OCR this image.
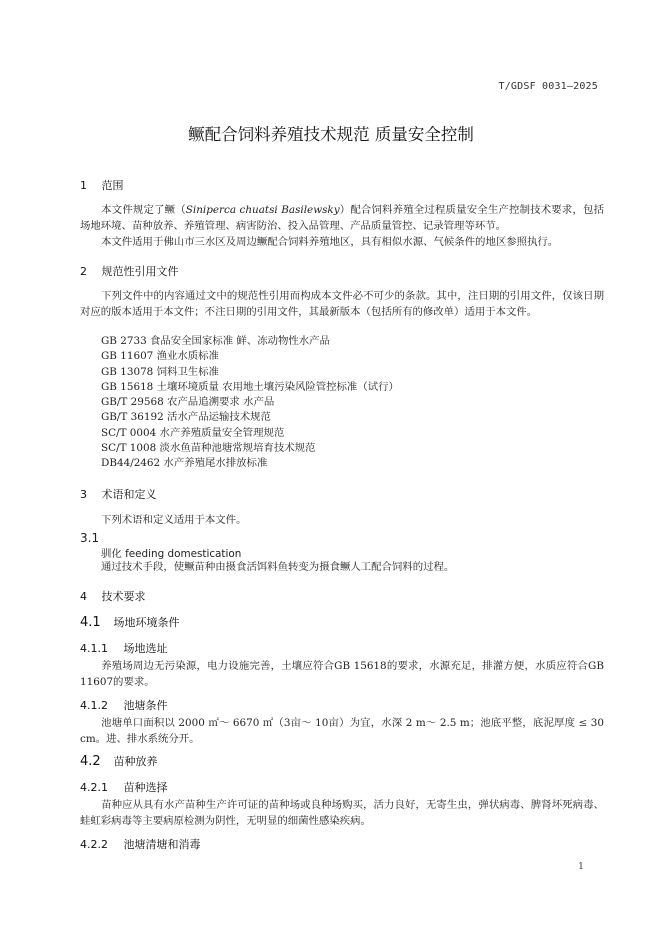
T/GDSF 0031—2025
鳜配合饲料养殖技术规范 质量安全控制
1 范围
本文件规定了鳜（Siniperca chuatsi Basilewsky）配合饲料养殖全过程质量安全生产控制技术要求，包括场地环境、苗种放养、养殖管理、病害防治、投入品管理、产品质量管控、记录管理等环节。
本文件适用于佛山市三水区及周边鳜配合饲料养殖地区，具有相似水源、气候条件的地区参照执行。
2 规范性引用文件
下列文件中的内容通过文中的规范性引用而构成本文件必不可少的条款。其中，注日期的引用文件，仅该日期对应的版本适用于本文件；不注日期的引用文件，其最新版本（包括所有的修改单）适用于本文件。
GB 2733 食品安全国家标准 鲜、冻动物性水产品
GB 11607 渔业水质标准
GB 13078 饲料卫生标准
GB 15618 土壤环境质量 农用地土壤污染风险管控标准（试行）
GB/T 29568 农产品追溯要求 水产品
GB/T 36192 活水产品运输技术规范
SC/T 0004 水产养殖质量安全管理规范
SC/T 1008 淡水鱼苗种池塘常规培育技术规范
DB44/2462 水产养殖尾水排放标准
3 术语和定义
下列术语和定义适用于本文件。
3.1
驯化 feeding domestication
通过技术手段，使鳜苗种由摄食活饵料鱼转变为摄食鳜人工配合饲料的过程。
4 技术要求
4.1 场地环境条件
4.1.1 场地选址
养殖场周边无污染源，电力设施完善，土壤应符合GB 15618的要求，水源充足，排灌方便，水质应符合GB 11607的要求。
4.1.2 池塘条件
池塘单口面积以 2000 ㎡～ 6670 ㎡（3亩～ 10亩）为宜，水深 2 m～ 2.5 m；池底平整，底泥厚度 ≤ 30 cm。进、排水系统分开。
4.2 苗种放养
4.2.1 苗种选择
苗种应从具有水产苗种生产许可证的苗种场或良种场购买，活力良好，无寄生虫，弹状病毒、脾肾坏死病毒、蛙虹彩病毒等主要病原检测为阴性，无明显的细菌性感染疾病。
4.2.2 池塘清塘和消毒
1
